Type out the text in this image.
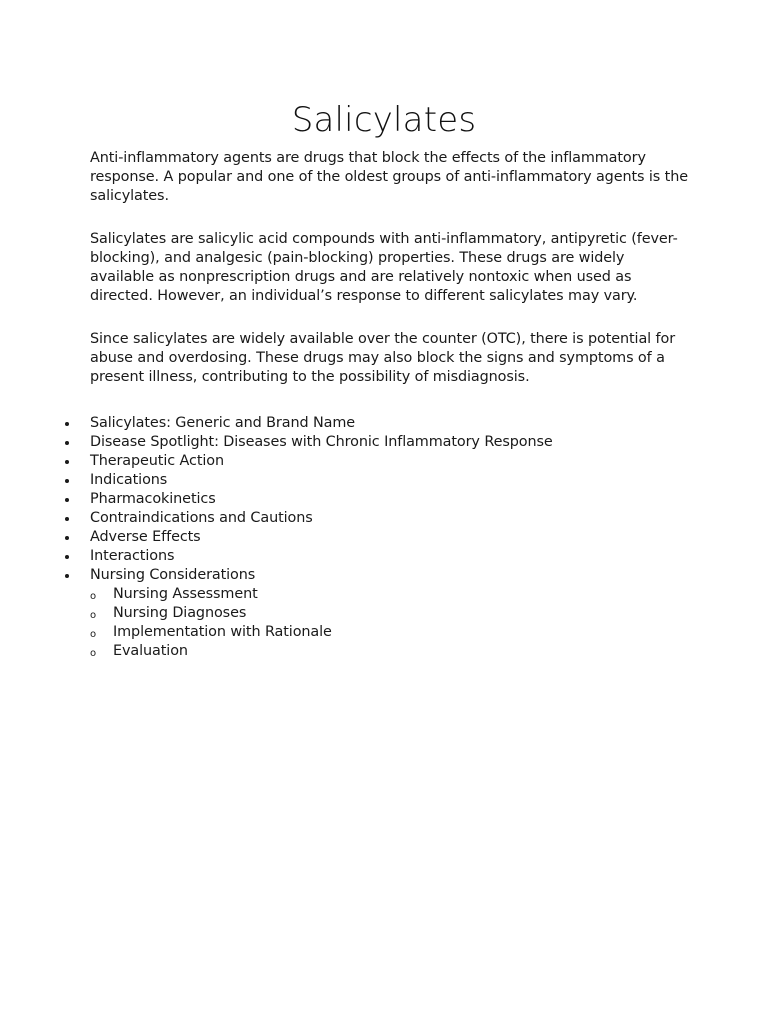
Salicylates

Anti-inflammatory agents are drugs that block the effects of the inflammatory response. A popular and one of the oldest groups of anti-inflammatory agents is the salicylates.

Salicylates are salicylic acid compounds with anti-inflammatory, antipyretic (fever-blocking), and analgesic (pain-blocking) properties. These drugs are widely available as nonprescription drugs and are relatively nontoxic when used as directed. However, an individual’s response to different salicylates may vary.

Since salicylates are widely available over the counter (OTC), there is potential for abuse and overdosing. These drugs may also block the signs and symptoms of a present illness, contributing to the possibility of misdiagnosis.

Salicylates: Generic and Brand Name
Disease Spotlight: Diseases with Chronic Inflammatory Response
Therapeutic Action
Indications
Pharmacokinetics
Contraindications and Cautions
Adverse Effects
Interactions
Nursing Considerations
o Nursing Assessment
o Nursing Diagnoses
o Implementation with Rationale
o Evaluation
